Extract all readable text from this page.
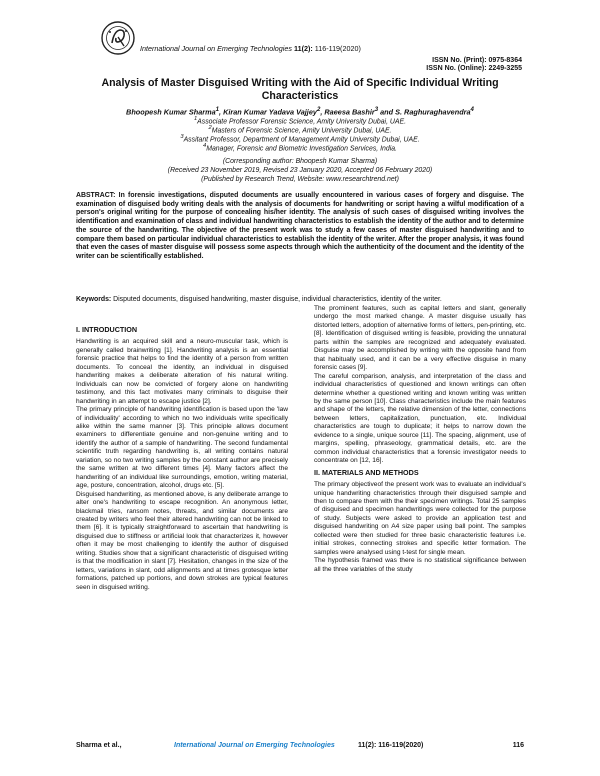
International Journal on Emerging Technologies 11(2): 116-119(2020)
ISSN No. (Print): 0975-8364
ISSN No. (Online): 2249-3255
Analysis of Master Disguised Writing with the Aid of Specific Individual Writing
Characteristics
Bhoopesh Kumar Sharma$^1$, Kiran Kumar Yadava Vajjey$^2$, Raeesa Bashir$^3$ and S. Raghuraghavendra$^4$
$^1$Associate Professor Forensic Science, Amity University Dubai, UAE.
$^2$Masters of Forensic Science, Amity University Dubai, UAE.
$^3$Assitant Professor, Department of Management Amity University Dubai, UAE.
$^4$Manager, Forensic and Biometric Investigation Services, India.
(Corresponding author: Bhoopesh Kumar Sharma)
(Received 23 November 2019, Revised 23 January 2020, Accepted 06 February 2020)
(Published by Research Trend, Website: www.researchtrend.net)
ABSTRACT: In forensic investigations, disputed documents are usually encountered in various cases of forgery and disguise. The examination of disguised body writing deals with the analysis of documents for handwriting or script having a wilful modification of a person's original writing for the purpose of concealing his/her identity. The analysis of such cases of disguised writing involves the identification and examination of class and individual handwriting characteristics to establish the identity of the author and to determine the source of the handwriting. The objective of the present work was to study a few cases of master disguised handwriting and to compare them based on particular individual characteristics to establish the identity of the writer. After the proper analysis, it was found that even the cases of master disguise will possess some aspects through which the authenticity of the document and the identity of the writer can be scientifically established.
Keywords: Disputed documents, disguised handwriting, master disguise, individual characteristics, identity of the writer.
I. INTRODUCTION

Handwriting is an acquired skill and a neuro-muscular task, which is generally called brainwriting [1]. Handwriting analysis is an essential forensic practice that helps to find the identity of a person from written documents. To conceal the identity, an individual in disguised handwriting makes a deliberate alteration of his natural writing. Individuals can now be convicted of forgery alone on handwriting testimony, and this fact motivates many criminals to disguise their handwriting in an attempt to escape justice [2].

The primary principle of handwriting identification is based upon the 'law of individuality' according to which no two individuals write specifically alike within the same manner [3]. This principle allows document examiners to differentiate genuine and non-genuine writing and to identify the author of a sample of handwriting. The second fundamental scientific truth regarding handwriting is, all writing contains natural variation, so no two writing samples by the constant author are precisely the same written at two different times [4]. Many factors affect the handwriting of an individual like surroundings, emotion, writing material, age, posture, concentration, alcohol, drugs etc. [5].

Disguised handwriting, as mentioned above, is any deliberate arrange to alter one's handwriting to escape recognition. An anonymous letter, blackmail tries, ransom notes, threats, and similar documents are created by writers who feel their altered handwriting can not be linked to them [6]. It is typically straightforward to ascertain that handwriting is disguised due to stiffness or artificial look that characterizes it, however often it may be most challenging to identify the author of disguised writing. Studies show that a significant characteristic of disguised writing is that the modification in slant [7]. Hesitation, changes in the size of the letters, variations in slant, odd allignments and at times grotesque letter formations, patched up portions, and down strokes are typical features seen in disguised writing.

The prominent features, such as capital letters and slant, generally undergo the most marked change. A master disguise usually has distorted letters, adoption of alternative forms of letters, pen-printing, etc. [8]. Identification of disguised writing is feasible, providing the unnatural parts within the samples are recognized and adequately evaluated. Disguise may be accomplished by writing with the opposite hand from that habitually used, and it can be a very effective disguise in many forensic cases [9].

The careful comparison, analysis, and interpretation of the class and individual characteristics of questioned and known writings can often determine whether a questioned writing and known writing was written by the same person [10]. Class characteristics include the main features and shape of the letters, the relative dimension of the letter, connections between letters, capitalization, punctuation, etc. Individual characteristics are tough to duplicate; it helps to narrow down the evidence to a single, unique source [11]. The spacing, alignment, use of margins, spelling, phraseology, grammatical details, etc. are the common individual characteristics that a forensic investigator needs to concentrate on [12, 16].

II. MATERIALS AND METHODS

The primary objectiveof the present work was to evaluate an individual's unique handwriting characteristics through their disguised sample and then to compare them with the their specimen writings. Total 25 samples of disguised and specimen handwritings were collected for the purpose of study. Subjects were asked to provide an application test and disguised handwriting on A4 size paper using ball point. The samples collected were then studied for three basic characteristic features i.e. initial strokes, connecting strokes and specific letter formation. The samples were analysed using t-test for single mean.

The hypothesis framed was there is no statistical significance between all the three variables of the study

Sharma et al.,	International Journal on Emerging Technologies	11(2): 116-119(2020)	116
